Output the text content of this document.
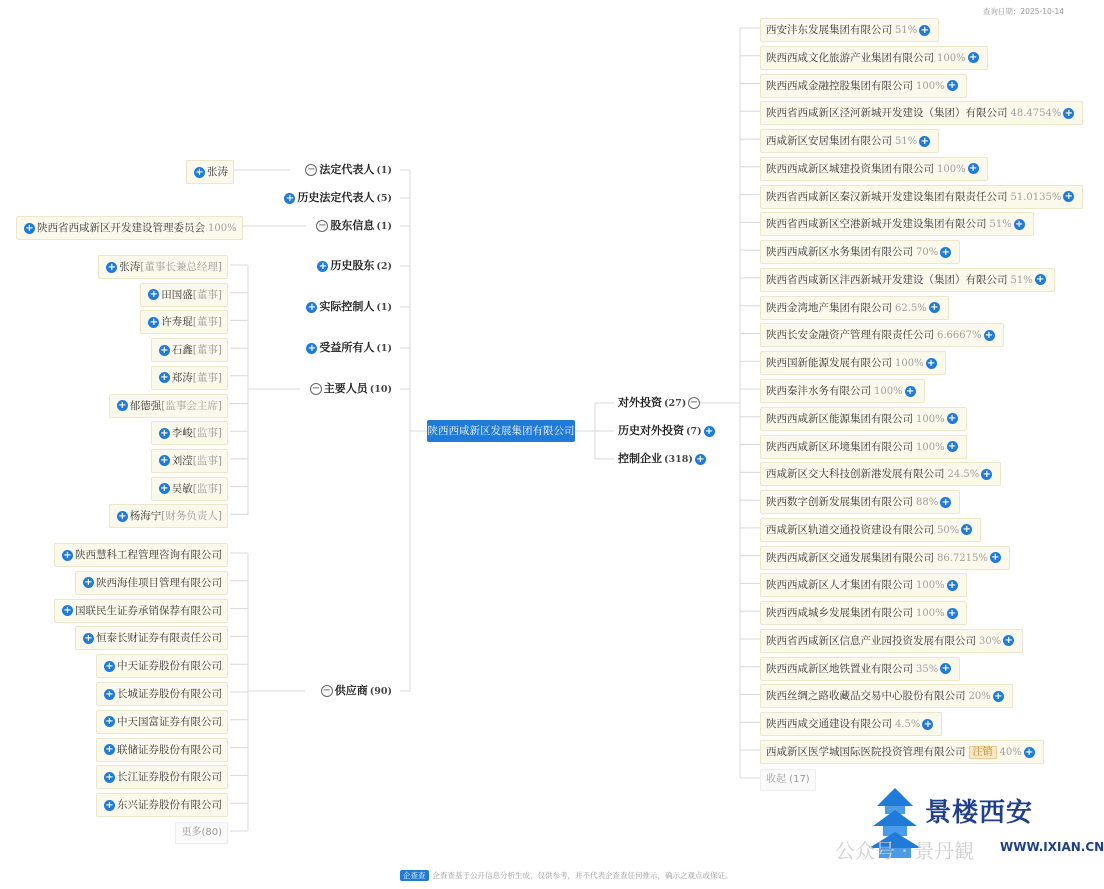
查询日期：2025-10-14
陕西西咸新区发展集团有限公司
− 法定代表人 (1)
+ 历史法定代表人 (5)
− 股东信息 (1)
+ 历史股东 (2)
+ 实际控制人 (1)
+ 受益所有人 (1)
− 主要人员 (10)
− 供应商 (90)
+ 张涛
+ 陕西省西咸新区开发建设管理委员会 100%
+ 张涛[董事长兼总经理]
+ 田国盛[董事]
+ 许寿琨[董事]
+ 石鑫[董事]
+ 郑涛[董事]
+ 郁德强[监事会主席]
+ 李峻[监事]
+ 刘滢[监事]
+ 吴敏[监事]
+ 杨海宁[财务负责人]
+ 陕西慧科工程管理咨询有限公司
+ 陕西海佳项目管理有限公司
+ 国联民生证券承销保荐有限公司
+ 恒泰长财证券有限责任公司
+ 中天证券股份有限公司
+ 长城证券股份有限公司
+ 中天国富证券有限公司
+ 联储证券股份有限公司
+ 长江证券股份有限公司
+ 东兴证券股份有限公司
更多(80)
对外投资 (27) −
历史对外投资 (7) +
控制企业 (318) +
西安沣东发展集团有限公司 51% +
陕西西咸文化旅游产业集团有限公司 100% +
陕西西咸金融控股集团有限公司 100% +
陕西省西咸新区泾河新城开发建设（集团）有限公司 48.4754% +
西咸新区安居集团有限公司 51% +
陕西西咸新区城建投资集团有限公司 100% +
陕西省西咸新区秦汉新城开发建设集团有限责任公司 51.0135% +
陕西省西咸新区空港新城开发建设集团有限公司 51% +
陕西西咸新区水务集团有限公司 70% +
陕西省西咸新区沣西新城开发建设（集团）有限公司 51% +
陕西金湾地产集团有限公司 62.5% +
陕西长安金融资产管理有限责任公司 6.6667% +
陕西国新能源发展有限公司 100% +
陕西秦沣水务有限公司 100% +
陕西西咸新区能源集团有限公司 100% +
陕西西咸新区环境集团有限公司 100% +
西咸新区交大科技创新港发展有限公司 24.5% +
陕西数字创新发展集团有限公司 88% +
西咸新区轨道交通投资建设有限公司 50% +
陕西西咸新区交通发展集团有限公司 86.7215% +
陕西西咸新区人才集团有限公司 100% +
陕西西咸城乡发展集团有限公司 100% +
陕西省西咸新区信息产业园投资发展有限公司 30% +
陕西西咸新区地铁置业有限公司 35% +
陕西丝绸之路收藏品交易中心股份有限公司 20% +
陕西西咸交通建设有限公司 4.5% +
西咸新区医学城国际医院投资管理有限公司 注销 40% +
收起 (17)
企查查 企查查基于公开信息分析生成，仅供参考，并不代表企查查任何推示，确示之观点或保证。
景楼西安
公众号 · 景丹観 WWW.IXIAN.CN
